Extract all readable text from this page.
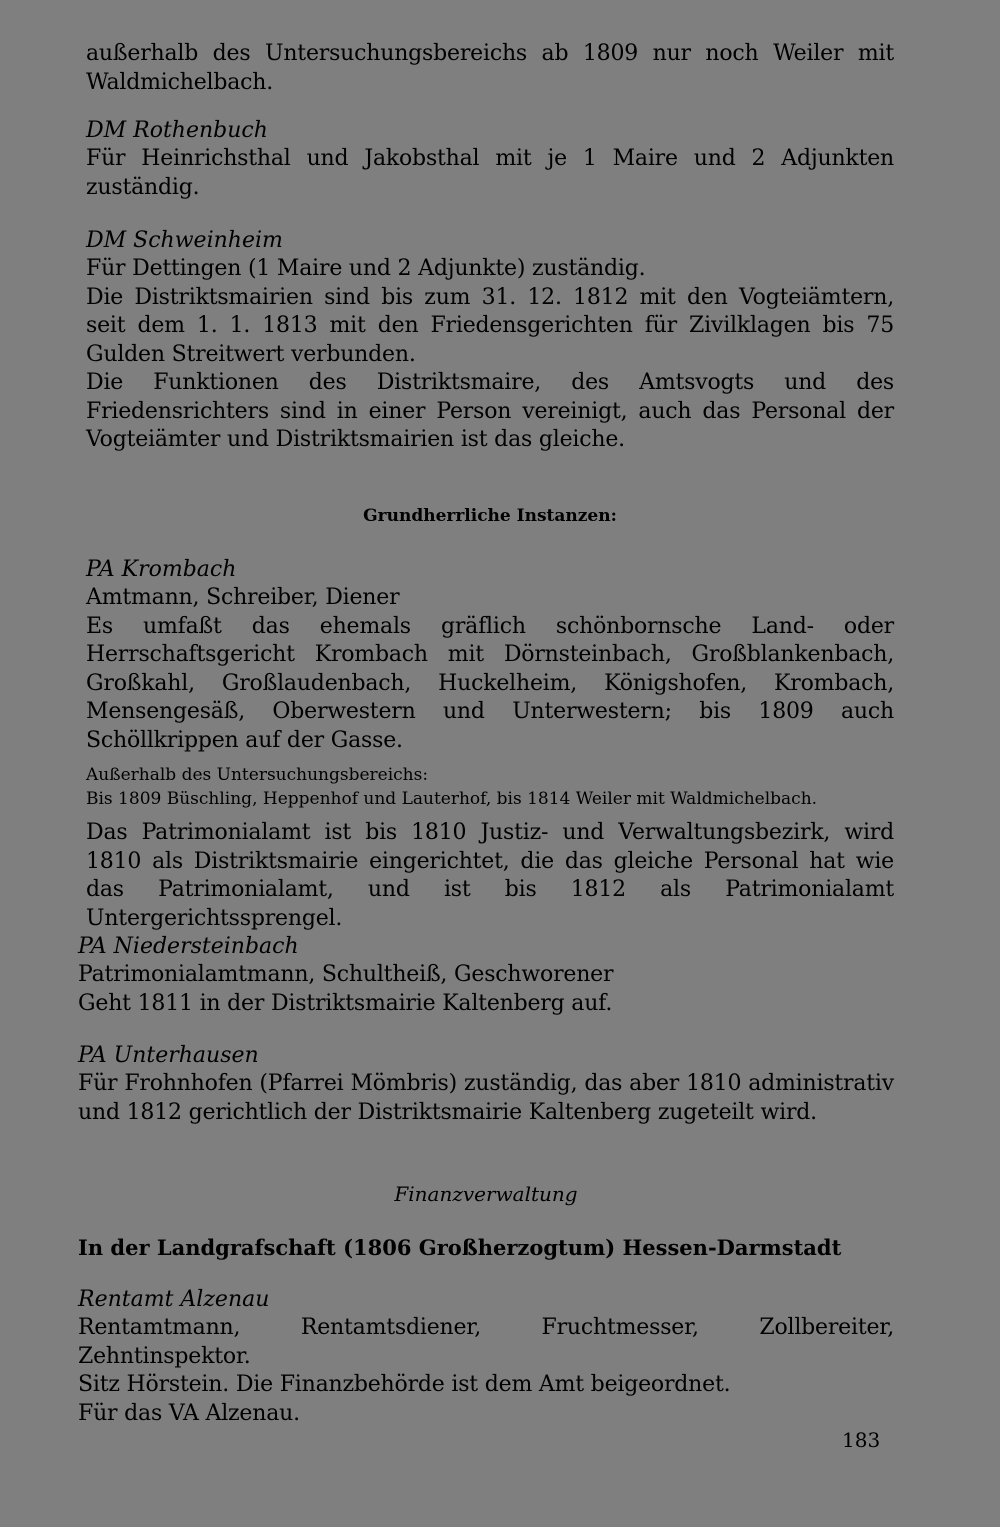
außerhalb des Untersuchungsbereichs ab 1809 nur noch Weiler mit Waldmichelbach.

DM Rothenbuch

Für Heinrichsthal und Jakobsthal mit je 1 Maire und 2 Adjunkten zuständig.

DM Schweinheim

Für Dettingen (1 Maire und 2 Adjunkte) zuständig.

Die Distriktsmairien sind bis zum 31. 12. 1812 mit den Vogteiämtern, seit dem 1. 1. 1813 mit den Friedensgerichten für Zivilklagen bis 75 Gulden Streitwert verbunden.

Die Funktionen des Distriktsmaire, des Amtsvogts und des Friedensrichters sind in einer Person vereinigt, auch das Personal der Vogteiämter und Distriktsmairien ist das gleiche.

Grundherrliche Instanzen:

PA Krombach

Amtmann, Schreiber, Diener

Es umfaßt das ehemals gräflich schönbornsche Land- oder Herrschaftsgericht Krombach mit Dörnsteinbach, Großblankenbach, Großkahl, Großlaudenbach, Huckelheim, Königshofen, Krombach, Mensengesäß, Oberwestern und Unterwestern; bis 1809 auch Schöllkrippen auf der Gasse.

Außerhalb des Untersuchungsbereichs:

Bis 1809 Büschling, Heppenhof und Lauterhof, bis 1814 Weiler mit Waldmichelbach.

Das Patrimonialamt ist bis 1810 Justiz- und Verwaltungsbezirk, wird 1810 als Distriktsmairie eingerichtet, die das gleiche Personal hat wie das Patrimonialamt, und ist bis 1812 als Patrimonialamt Untergerichtssprengel.

PA Niedersteinbach

Patrimonialamtmann, Schultheiß, Geschworener

Geht 1811 in der Distriktsmairie Kaltenberg auf.

PA Unterhausen

Für Frohnhofen (Pfarrei Mömbris) zuständig, das aber 1810 administrativ und 1812 gerichtlich der Distriktsmairie Kaltenberg zugeteilt wird.

Finanzverwaltung

In der Landgrafschaft (1806 Großherzogtum) Hessen-Darmstadt

Rentamt Alzenau

Rentamtmann, Rentamtsdiener, Fruchtmesser, Zollbereiter, Zehntinspektor.

Sitz Hörstein. Die Finanzbehörde ist dem Amt beigeordnet.

Für das VA Alzenau.

183
